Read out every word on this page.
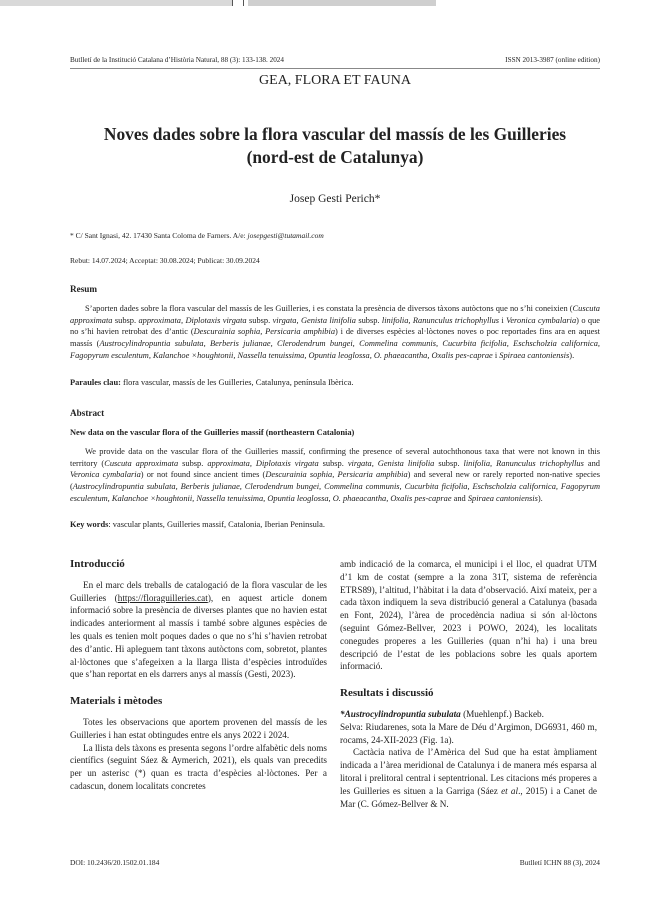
Butlletí de la Institució Catalana d’Història Natural, 88 (3): 133-138. 2024	ISSN 2013-3987 (online edition)
GEA, FLORA ET FAUNA
Noves dades sobre la flora vascular del massís de les Guilleries
(nord-est de Catalunya)
Josep Gesti Perich*
* C/ Sant Ignasi, 42. 17430 Santa Coloma de Farners. A/e: josepgesti@tutamail.com
Rebut: 14.07.2024; Acceptat: 30.08.2024; Publicat: 30.09.2024
Resum
S’aporten dades sobre la flora vascular del massís de les Guilleries, i es constata la presència de diversos tàxons autòctons que no s’hi coneixien (Cuscuta approximata subsp. approximata, Diplotaxis virgata subsp. virgata, Genista linifolia subsp. linifolia, Ranunculus trichophyllus i Veronica cymbalaria) o que no s’hi havien retrobat des d’antic (Descurainia sophia, Persicaria amphibia) i de diverses espècies al·lòctones noves o poc reportades fins ara en aquest massís (Austrocylindropuntia subulata, Berberis julianae, Clerodendrum bungei, Commelina communis, Cucurbita ficifolia, Eschscholzia californica, Fagopyrum esculentum, Kalanchoe ×houghtonii, Nassella tenuissima, Opuntia leoglossa, O. phaeacantha, Oxalis pes-caprae i Spiraea cantoniensis).
Paraules clau: flora vascular, massís de les Guilleries, Catalunya, península Ibèrica.
Abstract
New data on the vascular flora of the Guilleries massif (northeastern Catalonia)
We provide data on the vascular flora of the Guilleries massif, confirming the presence of several autochthonous taxa that were not known in this territory (Cuscuta approximata subsp. approximata, Diplotaxis virgata subsp. virgata, Genista linifolia subsp. linifolia, Ranunculus trichophyllus and Veronica cymbalaria) or not found since ancient times (Descurainia sophia, Persicaria amphibia) and several new or rarely reported non-native species (Austrocylindropuntia subulata, Berberis julianae, Clerodendrum bungei, Commelina communis, Cucurbita ficifolia, Eschscholzia californica, Fagopyrum esculentum, Kalanchoe ×houghtonii, Nassella tenuissima, Opuntia leoglossa, O. phaeacantha, Oxalis pes-caprae and Spiraea cantoniensis).
Key words: vascular plants, Guilleries massif, Catalonia, Iberian Peninsula.
Introducció

En el marc dels treballs de catalogació de la flora vascular de les Guilleries (https://floraguilleries.cat), en aquest article donem informació sobre la presència de diverses plantes que no havien estat indicades anteriorment al massís i també sobre algunes espècies de les quals es tenien molt poques dades o que no s’hi s’havien retrobat des d’antic. Hi apleguem tant tàxons autòctons com, sobretot, plantes al·lòctones que s’afegeixen a la llarga llista d’espècies introduïdes que s’han reportat en els darrers anys al massís (Gesti, 2023).

Materials i mètodes

Totes les observacions que aportem provenen del massís de les Guilleries i han estat obtingudes entre els anys 2022 i 2024.

La llista dels tàxons es presenta segons l’ordre alfabètic dels noms científics (seguint Sáez & Aymerich, 2021), els quals van precedits per un asterisc (*) quan es tracta d’espècies al·lòctones. Per a cadascun, donem localitats concretes

amb indicació de la comarca, el municipi i el lloc, el quadrat UTM d’1 km de costat (sempre a la zona 31T, sistema de referència ETRS89), l’altitud, l’hàbitat i la data d’observació. Així mateix, per a cada tàxon indiquem la seva distribució general a Catalunya (basada en Font, 2024), l’àrea de procedència nadiua si són al·lòctons (seguint Gómez-Bellver, 2023 i POWO, 2024), les localitats conegudes properes a les Guilleries (quan n’hi ha) i una breu descripció de l’estat de les poblacions sobre les quals aportem informació.

Resultats i discussió

*Austrocylindropuntia subulata (Muehlenpf.) Backeb.

Selva: Riudarenes, sota la Mare de Déu d’Argimon, DG6931, 460 m, rocams, 24-XII-2023 (Fig. 1a).

Cactàcia nativa de l’Amèrica del Sud que ha estat àmpliament indicada a l’àrea meridional de Catalunya i de manera més esparsa al litoral i prelitoral central i septentrional. Les citacions més properes a les Guilleries es situen a la Garriga (Sáez et al., 2015) i a Canet de Mar (C. Gómez-Bellver & N.

DOI: 10.2436/20.1502.01.184	Butlletí ICHN 88 (3), 2024
